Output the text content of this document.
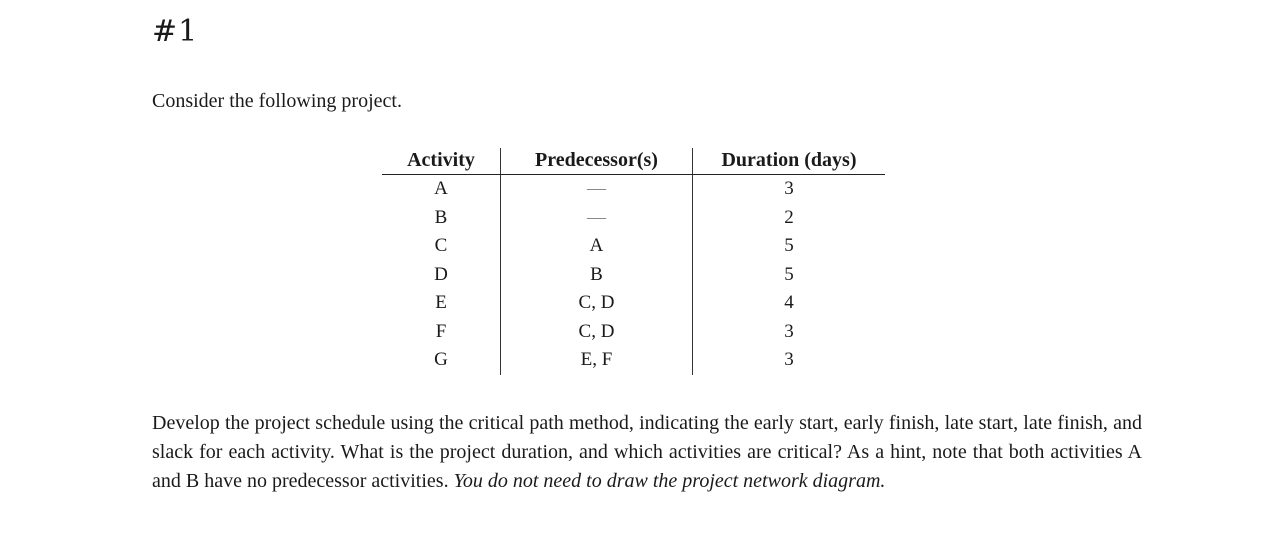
#1
Consider the following project.
Activity	Predecessor(s)	Duration (days)
A	—	3
B	—	2
C	A	5
D	B	5
E	C, D	4
F	C, D	3
G	E, F	3
Develop the project schedule using the critical path method, indicating the early start, early finish, late start, late finish, and slack for each activity. What is the project duration, and which activities are critical? As a hint, note that both activities A and B have no predecessor activities. You do not need to draw the project network diagram.
